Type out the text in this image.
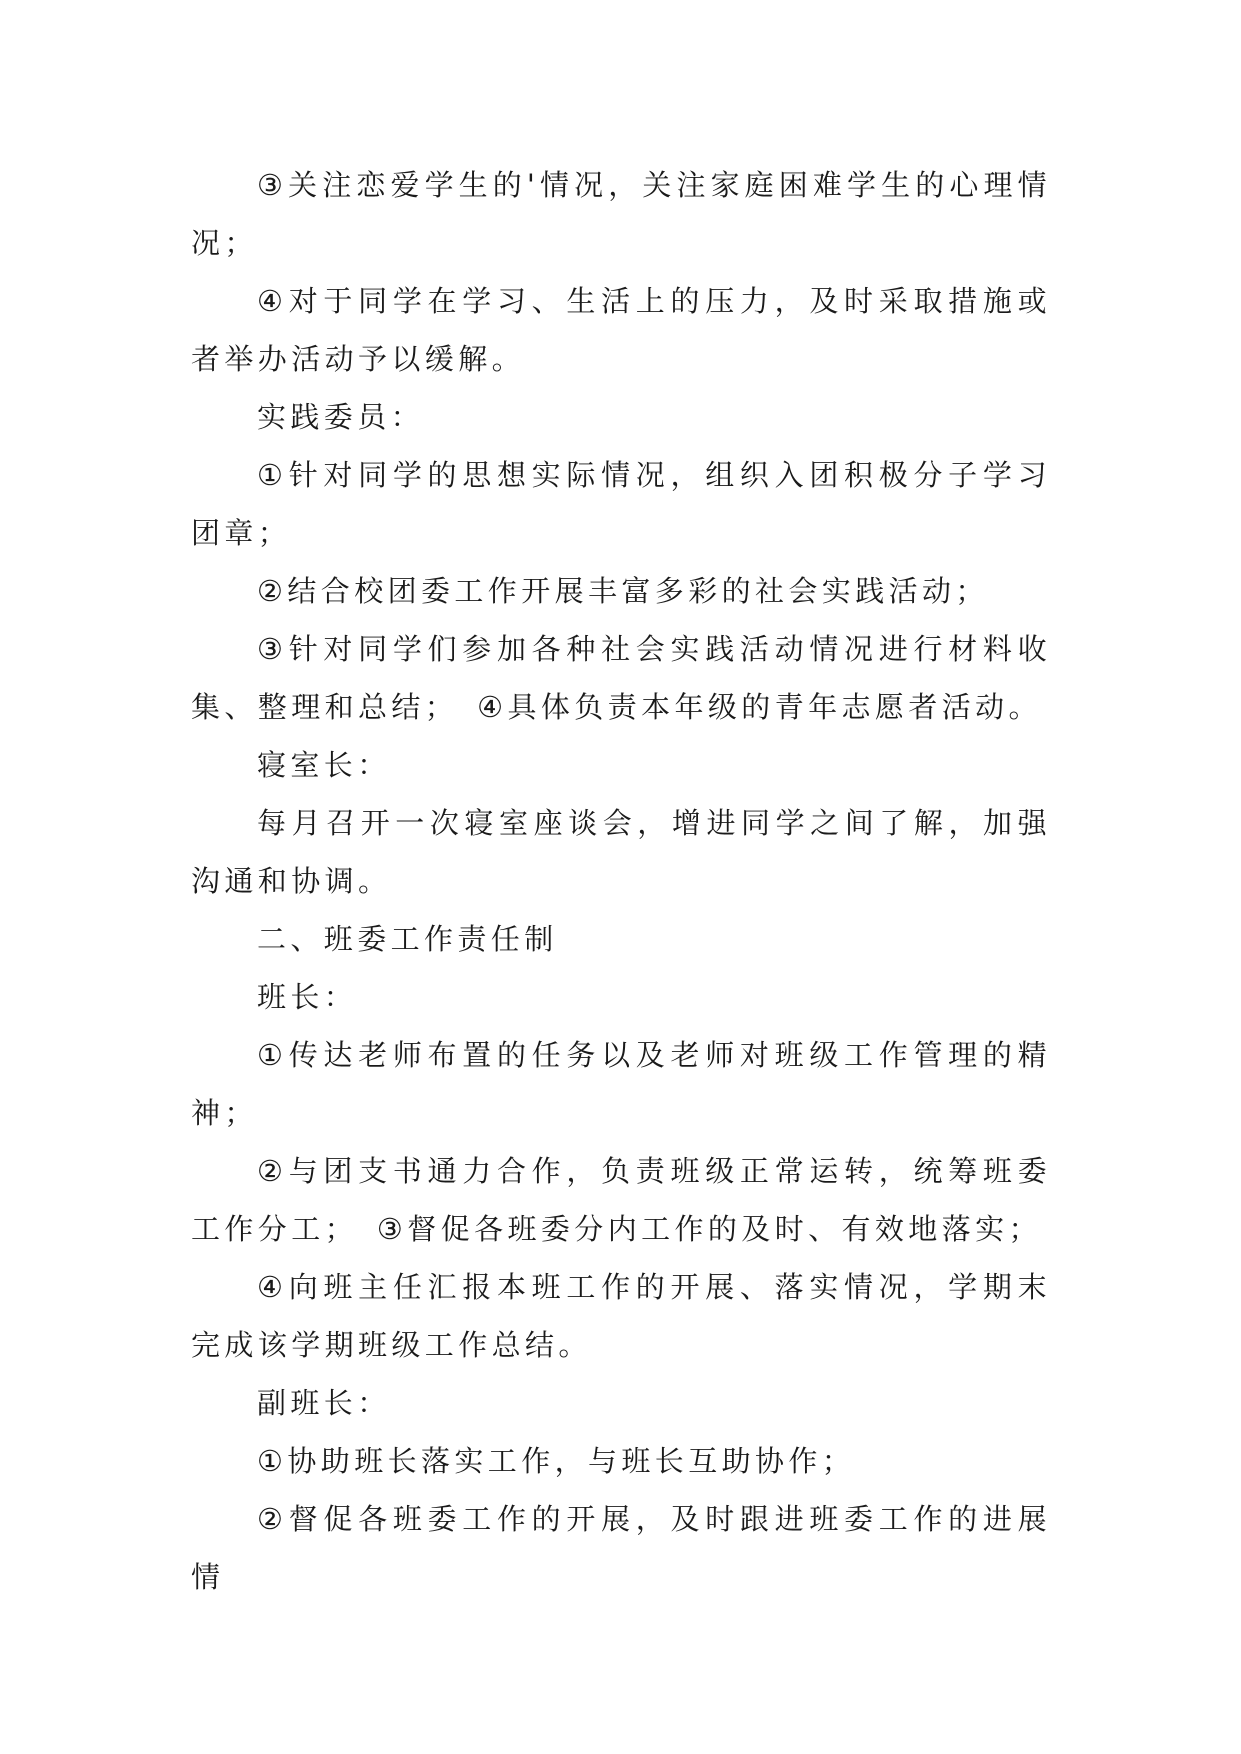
③关注恋爱学生的'情况，关注家庭困难学生的心理情况；

④对于同学在学习、生活上的压力，及时采取措施或者举办活动予以缓解。

实践委员：

①针对同学的思想实际情况，组织入团积极分子学习团章；

②结合校团委工作开展丰富多彩的社会实践活动；

③针对同学们参加各种社会实践活动情况进行材料收集、整理和总结；　④具体负责本年级的青年志愿者活动。

寝室长：

每月召开一次寝室座谈会，增进同学之间了解，加强沟通和协调。

二、班委工作责任制

班长：

①传达老师布置的任务以及老师对班级工作管理的精神；

②与团支书通力合作，负责班级正常运转，统筹班委工作分工；　③督促各班委分内工作的及时、有效地落实；

④向班主任汇报本班工作的开展、落实情况，学期末完成该学期班级工作总结。

副班长：

①协助班长落实工作，与班长互助协作；

②督促各班委工作的开展，及时跟进班委工作的进展情
